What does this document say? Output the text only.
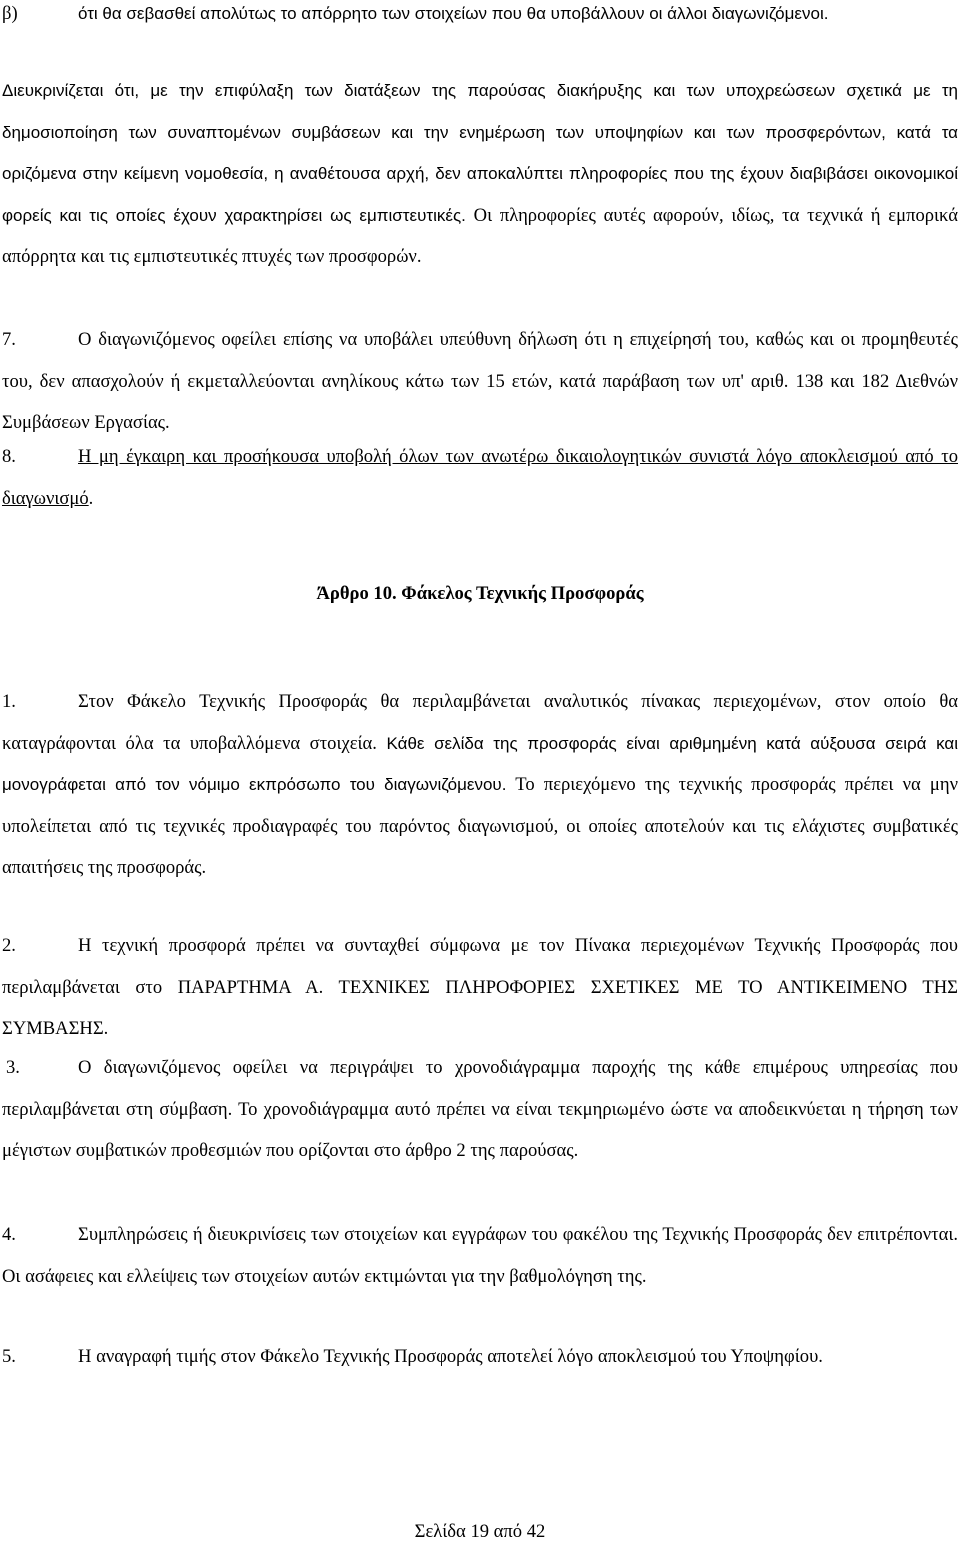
β)	ότι θα σεβασθεί απολύτως το απόρρητο των στοιχείων που θα υποβάλλουν οι άλλοι διαγωνιζόμενοι.

Διευκρινίζεται ότι, με την επιφύλαξη των διατάξεων της παρούσας διακήρυξης και των υποχρεώσεων σχετικά με τη δημοσιοποίηση των συναπτομένων συμβάσεων και την ενημέρωση των υποψηφίων και των προσφερόντων, κατά τα οριζόμενα στην κείμενη νομοθεσία, η αναθέτουσα αρχή, δεν αποκαλύπτει πληροφορίες που της έχουν διαβιβάσει οικονομικοί φορείς και τις οποίες έχουν χαρακτηρίσει ως εμπιστευτικές. Οι πληροφορίες αυτές αφορούν, ιδίως, τα τεχνικά ή εμπορικά απόρρητα και τις εμπιστευτικές πτυχές των προσφορών.

7.	Ο διαγωνιζόμενος οφείλει επίσης να υποβάλει υπεύθυνη δήλωση ότι η επιχείρησή του, καθώς και οι προμηθευτές του, δεν απασχολούν ή εκμεταλλεύονται ανηλίκους κάτω των 15 ετών, κατά παράβαση των υπ' αριθ. 138 και 182 Διεθνών Συμβάσεων Εργασίας.

8.	Η μη έγκαιρη και προσήκουσα υποβολή όλων των ανωτέρω δικαιολογητικών συνιστά λόγο αποκλεισμού από το διαγωνισμό.

Άρθρο 10. Φάκελος Τεχνικής Προσφοράς

1.	Στον Φάκελο Τεχνικής Προσφοράς θα περιλαμβάνεται αναλυτικός πίνακας περιεχομένων, στον οποίο θα καταγράφονται όλα τα υποβαλλόμενα στοιχεία. Κάθε σελίδα της προσφοράς είναι αριθμημένη κατά αύξουσα σειρά και μονογράφεται από τον νόμιμο εκπρόσωπο του διαγωνιζόμενου. Το περιεχόμενο της τεχνικής προσφοράς πρέπει να μην υπολείπεται από τις τεχνικές προδιαγραφές του παρόντος διαγωνισμού, οι οποίες αποτελούν και τις ελάχιστες συμβατικές απαιτήσεις της προσφοράς.

2.	Η τεχνική προσφορά πρέπει να συνταχθεί σύμφωνα με τον Πίνακα περιεχομένων Τεχνικής Προσφοράς που περιλαμβάνεται στο ΠΑΡΑΡΤΗΜΑ Α. ΤΕΧΝΙΚΕΣ ΠΛΗΡΟΦΟΡΙΕΣ ΣΧΕΤΙΚΕΣ ΜΕ ΤΟ ΑΝΤΙΚΕΙΜΕΝΟ ΤΗΣ ΣΥΜΒΑΣΗΣ.

3.	Ο διαγωνιζόμενος οφείλει να περιγράψει το χρονοδιάγραμμα παροχής της κάθε επιμέρους υπηρεσίας που περιλαμβάνεται στη σύμβαση. Το χρονοδιάγραμμα αυτό πρέπει να είναι τεκμηριωμένο ώστε να αποδεικνύεται η τήρηση των μέγιστων συμβατικών προθεσμιών που ορίζονται στο άρθρο 2 της παρούσας.

4.	Συμπληρώσεις ή διευκρινίσεις των στοιχείων και εγγράφων του φακέλου της Τεχνικής Προσφοράς δεν επιτρέπονται. Οι ασάφειες και ελλείψεις των στοιχείων αυτών εκτιμώνται για την βαθμολόγηση της.

5.	Η αναγραφή τιμής στον Φάκελο Τεχνικής Προσφοράς αποτελεί λόγο αποκλεισμού του Υποψηφίου.

Σελίδα 19 από 42
